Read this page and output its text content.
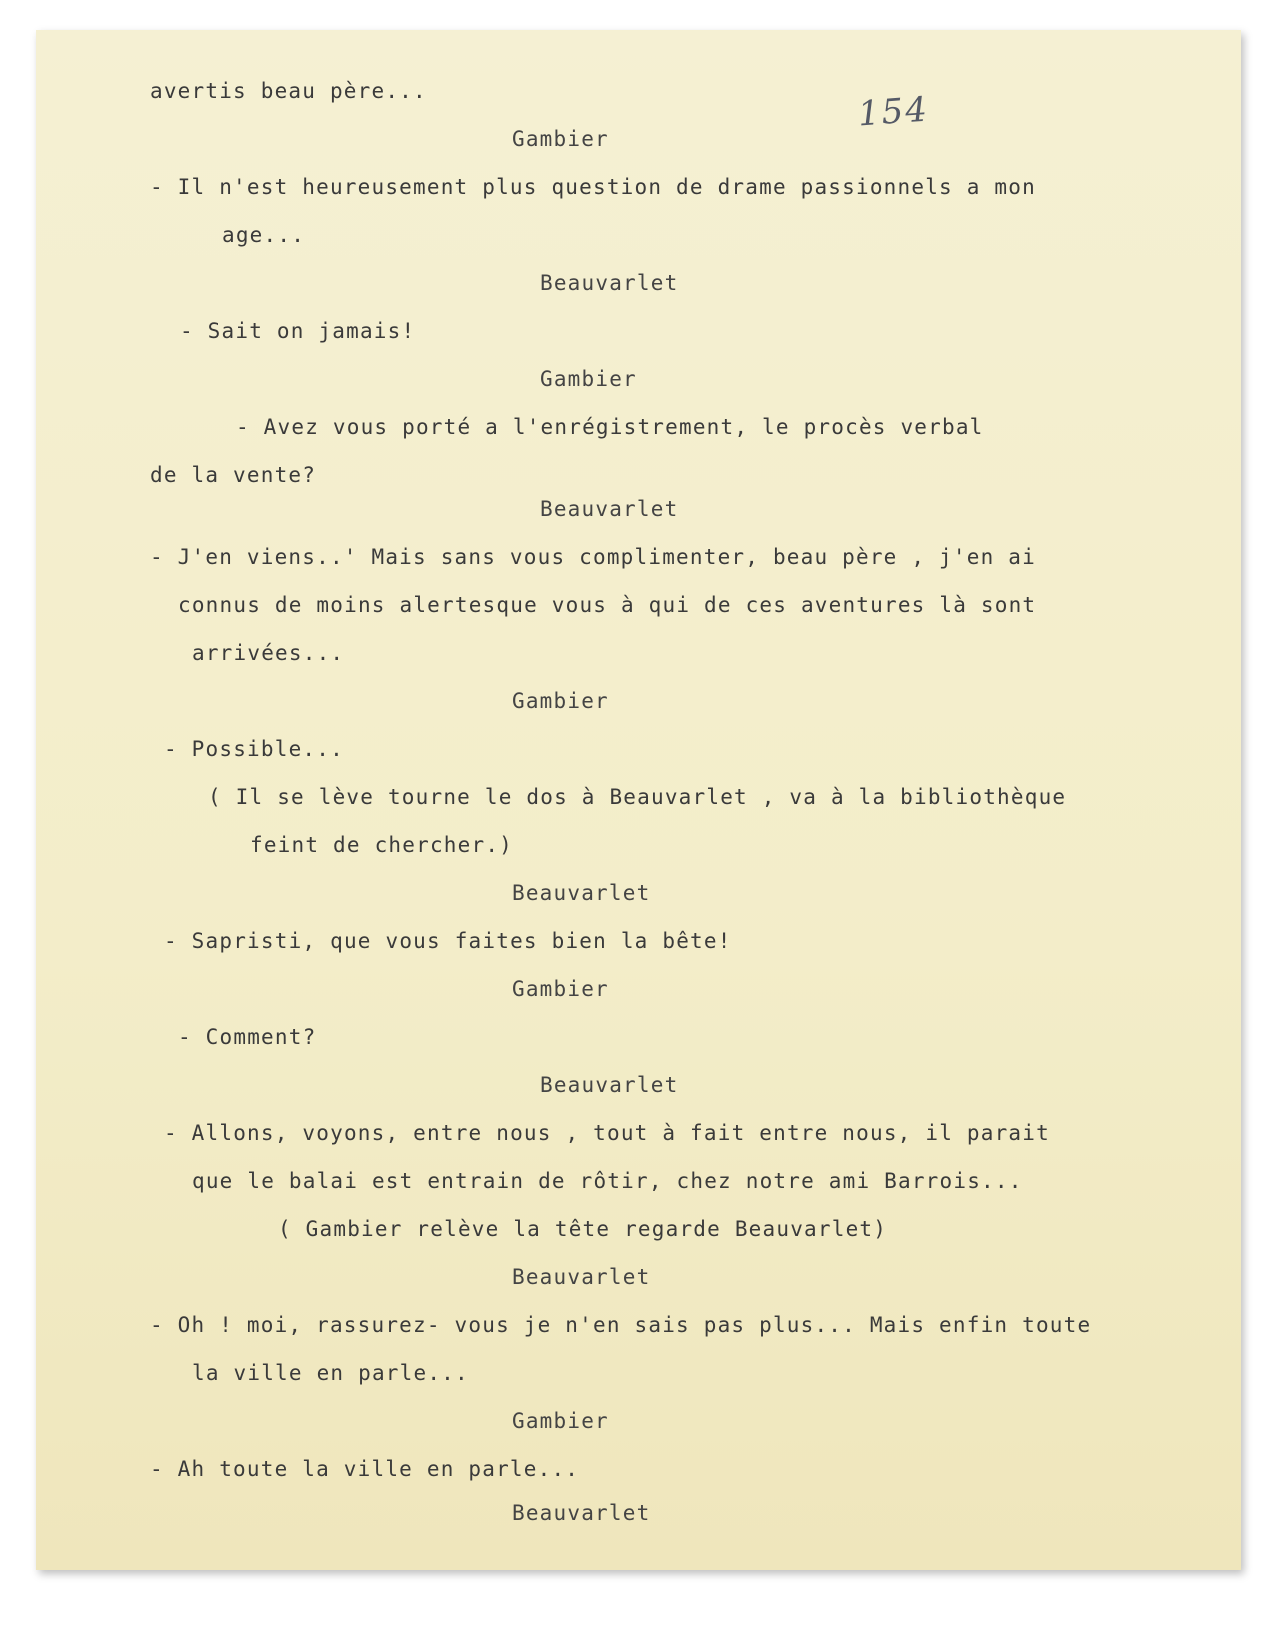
154

avertis beau père...

Gambier

- Il n'est heureusement plus question de drame passionnels a mon

age...

Beauvarlet

- Sait on jamais!

Gambier

- Avez vous porté a l'enrégistrement, le procès verbal

de la vente?

Beauvarlet

- J'en viens..' Mais sans vous complimenter, beau père , j'en ai

connus de moins alertesque vous à qui de ces aventures là sont

arrivées...

Gambier

- Possible...

( Il se lève tourne le dos à Beauvarlet , va à la bibliothèque

feint de chercher.)

Beauvarlet

- Sapristi, que vous faites bien la bête!

Gambier

- Comment?

Beauvarlet

- Allons, voyons, entre nous , tout à fait entre nous, il parait

que le balai est entrain de rôtir, chez notre ami Barrois...

( Gambier relève la tête regarde Beauvarlet)

Beauvarlet

- Oh ! moi, rassurez- vous je n'en sais pas plus... Mais enfin toute

la ville en parle...

Gambier

- Ah toute la ville en parle...

Beauvarlet
